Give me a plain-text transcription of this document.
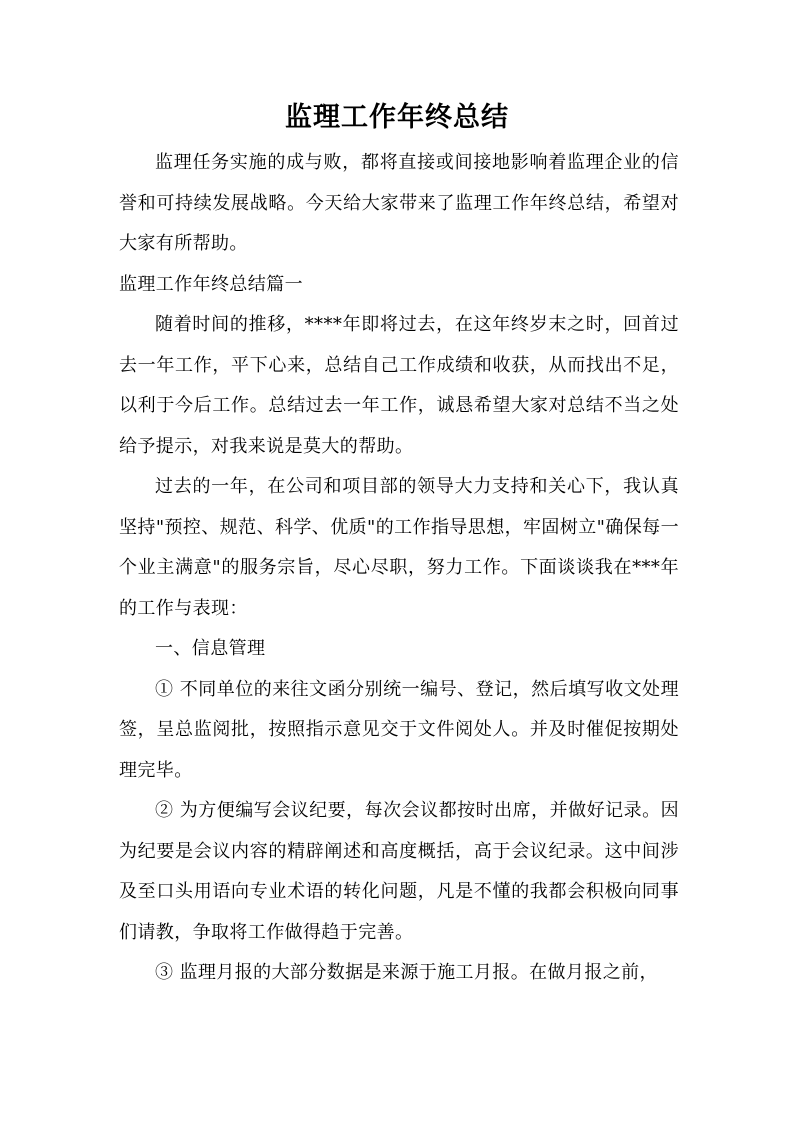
监理工作年终总结

监理任务实施的成与败，都将直接或间接地影响着监理企业的信誉和可持续发展战略。今天给大家带来了监理工作年终总结，希望对大家有所帮助。

监理工作年终总结篇一

随着时间的推移，****年即将过去，在这年终岁末之时，回首过去一年工作，平下心来，总结自己工作成绩和收获，从而找出不足，以利于今后工作。总结过去一年工作，诚恳希望大家对总结不当之处给予提示，对我来说是莫大的帮助。

过去的一年，在公司和项目部的领导大力支持和关心下，我认真坚持"预控、规范、科学、优质"的工作指导思想，牢固树立"确保每一个业主满意"的服务宗旨，尽心尽职，努力工作。下面谈谈我在***年的工作与表现：

一、信息管理

① 不同单位的来往文函分别统一编号、登记，然后填写收文处理签，呈总监阅批，按照指示意见交于文件阅处人。并及时催促按期处理完毕。

② 为方便编写会议纪要，每次会议都按时出席，并做好记录。因为纪要是会议内容的精辟阐述和高度概括，高于会议纪录。这中间涉及至口头用语向专业术语的转化问题，凡是不懂的我都会积极向同事们请教，争取将工作做得趋于完善。

③ 监理月报的大部分数据是来源于施工月报。在做月报之前，
